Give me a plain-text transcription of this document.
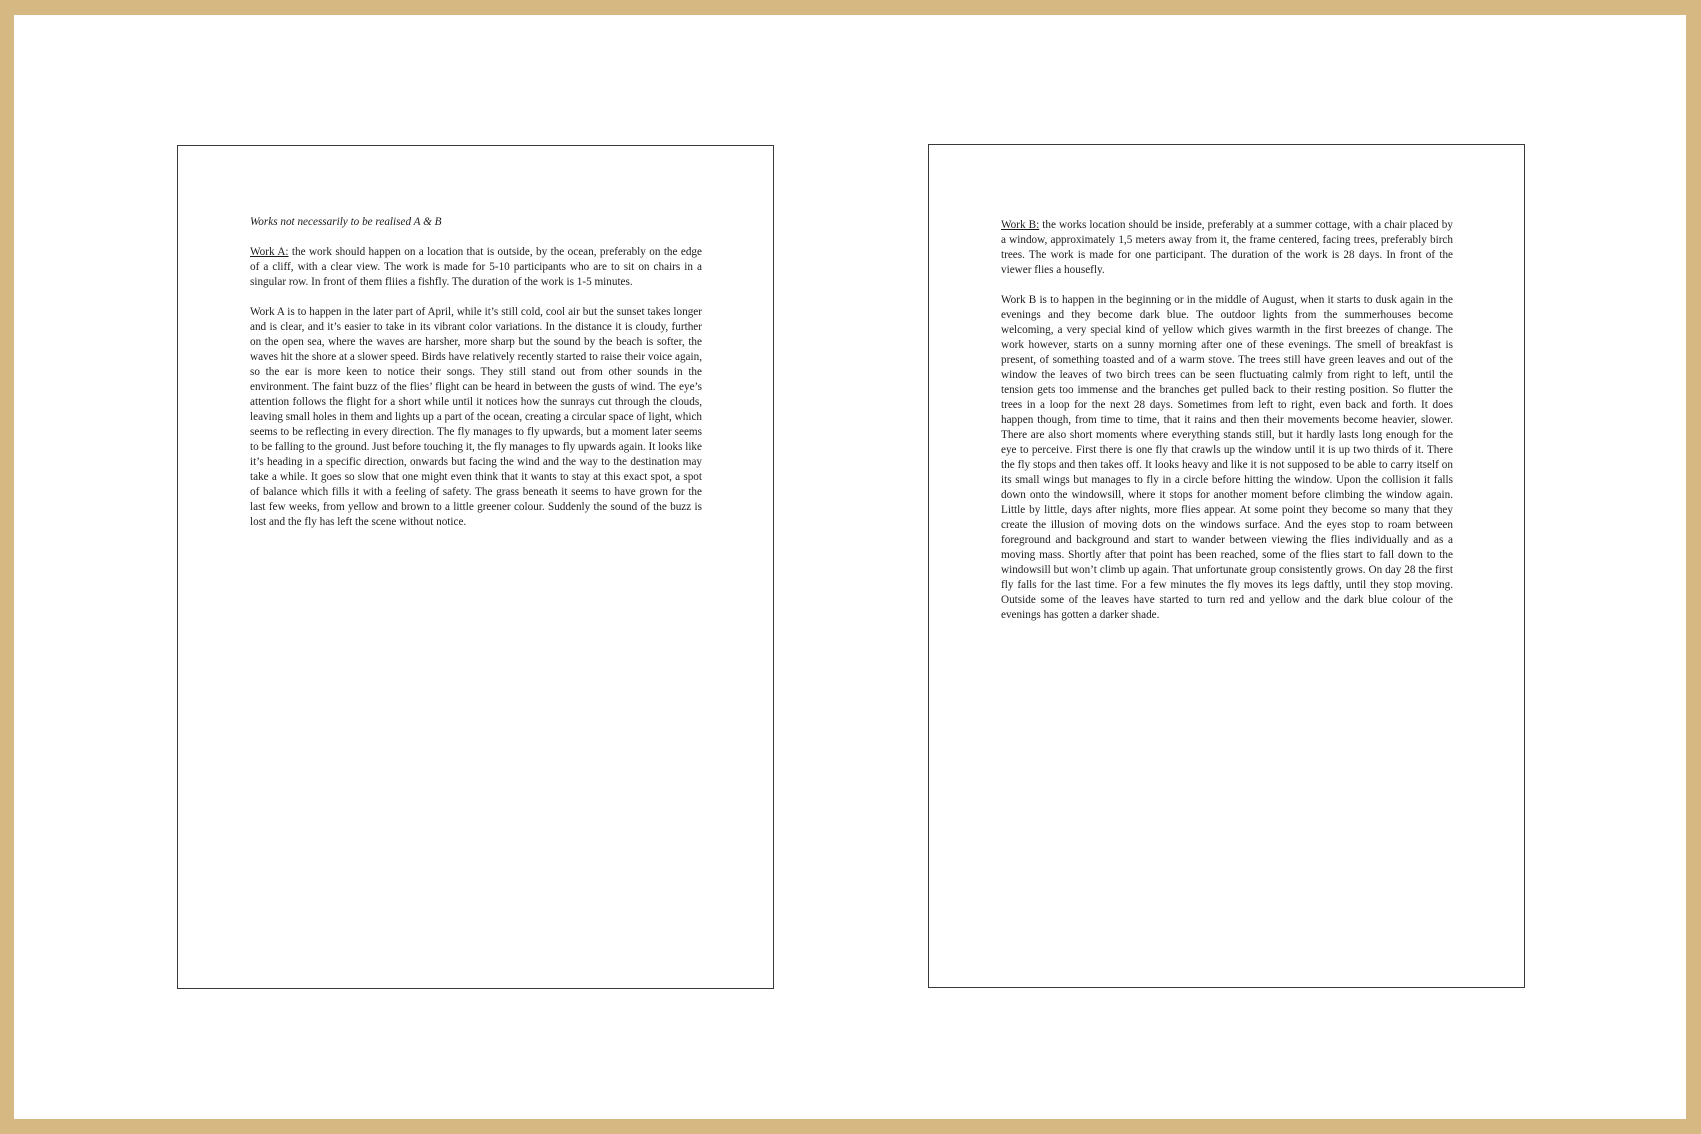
Works not necessarily to be realised A & B

Work A: the work should happen on a location that is outside, by the ocean, preferably on the edge of a cliff, with a clear view. The work is made for 5-10 participants who are to sit on chairs in a singular row. In front of them fliies a fishfly. The duration of the work is 1-5 minutes.

Work A is to happen in the later part of April, while it’s still cold, cool air but the sunset takes longer and is clear, and it’s easier to take in its vibrant color variations. In the distance it is cloudy, further on the open sea, where the waves are harsher, more sharp but the sound by the beach is softer, the waves hit the shore at a slower speed. Birds have relatively recently started to raise their voice again, so the ear is more keen to notice their songs. They still stand out from other sounds in the environment. The faint buzz of the flies’ flight can be heard in between the gusts of wind. The eye’s attention follows the flight for a short while until it notices how the sunrays cut through the clouds, leaving small holes in them and lights up a part of the ocean, creating a circular space of light, which seems to be reflecting in every direction. The fly manages to fly upwards, but a moment later seems to be falling to the ground. Just before touching it, the fly manages to fly upwards again. It looks like it’s heading in a specific direction, onwards but facing the wind and the way to the destination may take a while. It goes so slow that one might even think that it wants to stay at this exact spot, a spot of balance which fills it with a feeling of safety. The grass beneath it seems to have grown for the last few weeks, from yellow and brown to a little greener colour. Suddenly the sound of the buzz is lost and the fly has left the scene without notice.

Work B: the works location should be inside, preferably at a summer cottage, with a chair placed by a window, approximately 1,5 meters away from it, the frame centered, facing trees, preferably birch trees. The work is made for one participant. The duration of the work is 28 days. In front of the viewer flies a housefly.

Work B is to happen in the beginning or in the middle of August, when it starts to dusk again in the evenings and they become dark blue. The outdoor lights from the summerhouses become welcoming, a very special kind of yellow which gives warmth in the first breezes of change. The work however, starts on a sunny morning after one of these evenings. The smell of breakfast is present, of something toasted and of a warm stove. The trees still have green leaves and out of the window the leaves of two birch trees can be seen fluctuating calmly from right to left, until the tension gets too immense and the branches get pulled back to their resting position. So flutter the trees in a loop for the next 28 days. Sometimes from left to right, even back and forth. It does happen though, from time to time, that it rains and then their movements become heavier, slower. There are also short moments where everything stands still, but it hardly lasts long enough for the eye to perceive. First there is one fly that crawls up the window until it is up two thirds of it. There the fly stops and then takes off. It looks heavy and like it is not supposed to be able to carry itself on its small wings but manages to fly in a circle before hitting the window. Upon the collision it falls down onto the windowsill, where it stops for another moment before climbing the window again. Little by little, days after nights, more flies appear. At some point they become so many that they create the illusion of moving dots on the windows surface. And the eyes stop to roam between foreground and background and start to wander between viewing the flies individually and as a moving mass. Shortly after that point has been reached, some of the flies start to fall down to the windowsill but won’t climb up again. That unfortunate group consistently grows. On day 28 the first fly falls for the last time. For a few minutes the fly moves its legs daftly, until they stop moving. Outside some of the leaves have started to turn red and yellow and the dark blue colour of the evenings has gotten a darker shade.
